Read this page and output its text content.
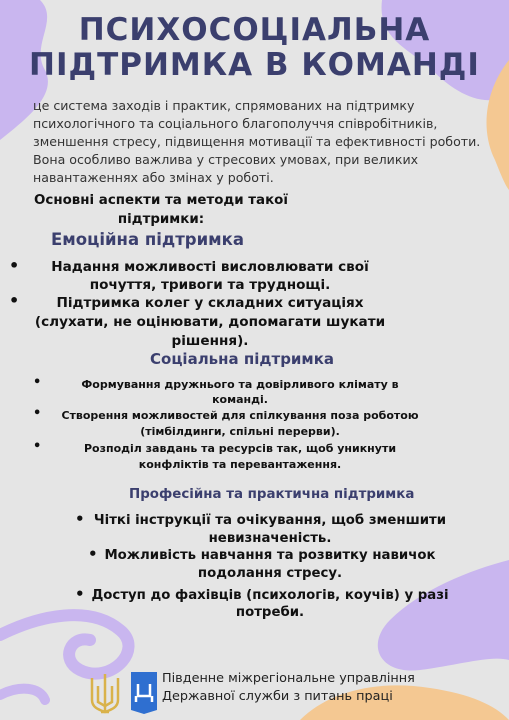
ПСИХОСОЦІАЛЬНА
ПІДТРИМКА В КОМАНДІ
це система заходів і практик, спрямованих на підтримку
психологічного та соціального благополуччя співробітників,
зменшення стресу, підвищення мотивації та ефективності роботи.
Вона особливо важлива у стресових умовах, при великих
навантаженнях або змінах у роботі.
Основні аспекти та методи такої
підтримки:
Емоційна підтримка
•	Надання можливості висловлювати свої
почуття, тривоги та труднощі.
•	Підтримка колег у складних ситуаціях
(слухати, не оцінювати, допомагати шукати
рішення).
Соціальна підтримка
•	Формування дружнього та довірливого клімату в
команді.
•	Створення можливостей для спілкування поза роботою
(тімбілдинги, спільні перерви).
•	Розподіл завдань та ресурсів так, щоб уникнути
конфліктів та перевантаження.
Професійна та практична підтримка
• Чіткі інструкції та очікування, щоб зменшити
невизначеність.
• Можливість навчання та розвитку навичок
подолання стресу.
• Доступ до фахівців (психологів, коучів) у разі
потреби.
Південне міжрегіональне управління
Державної служби з питань праці
